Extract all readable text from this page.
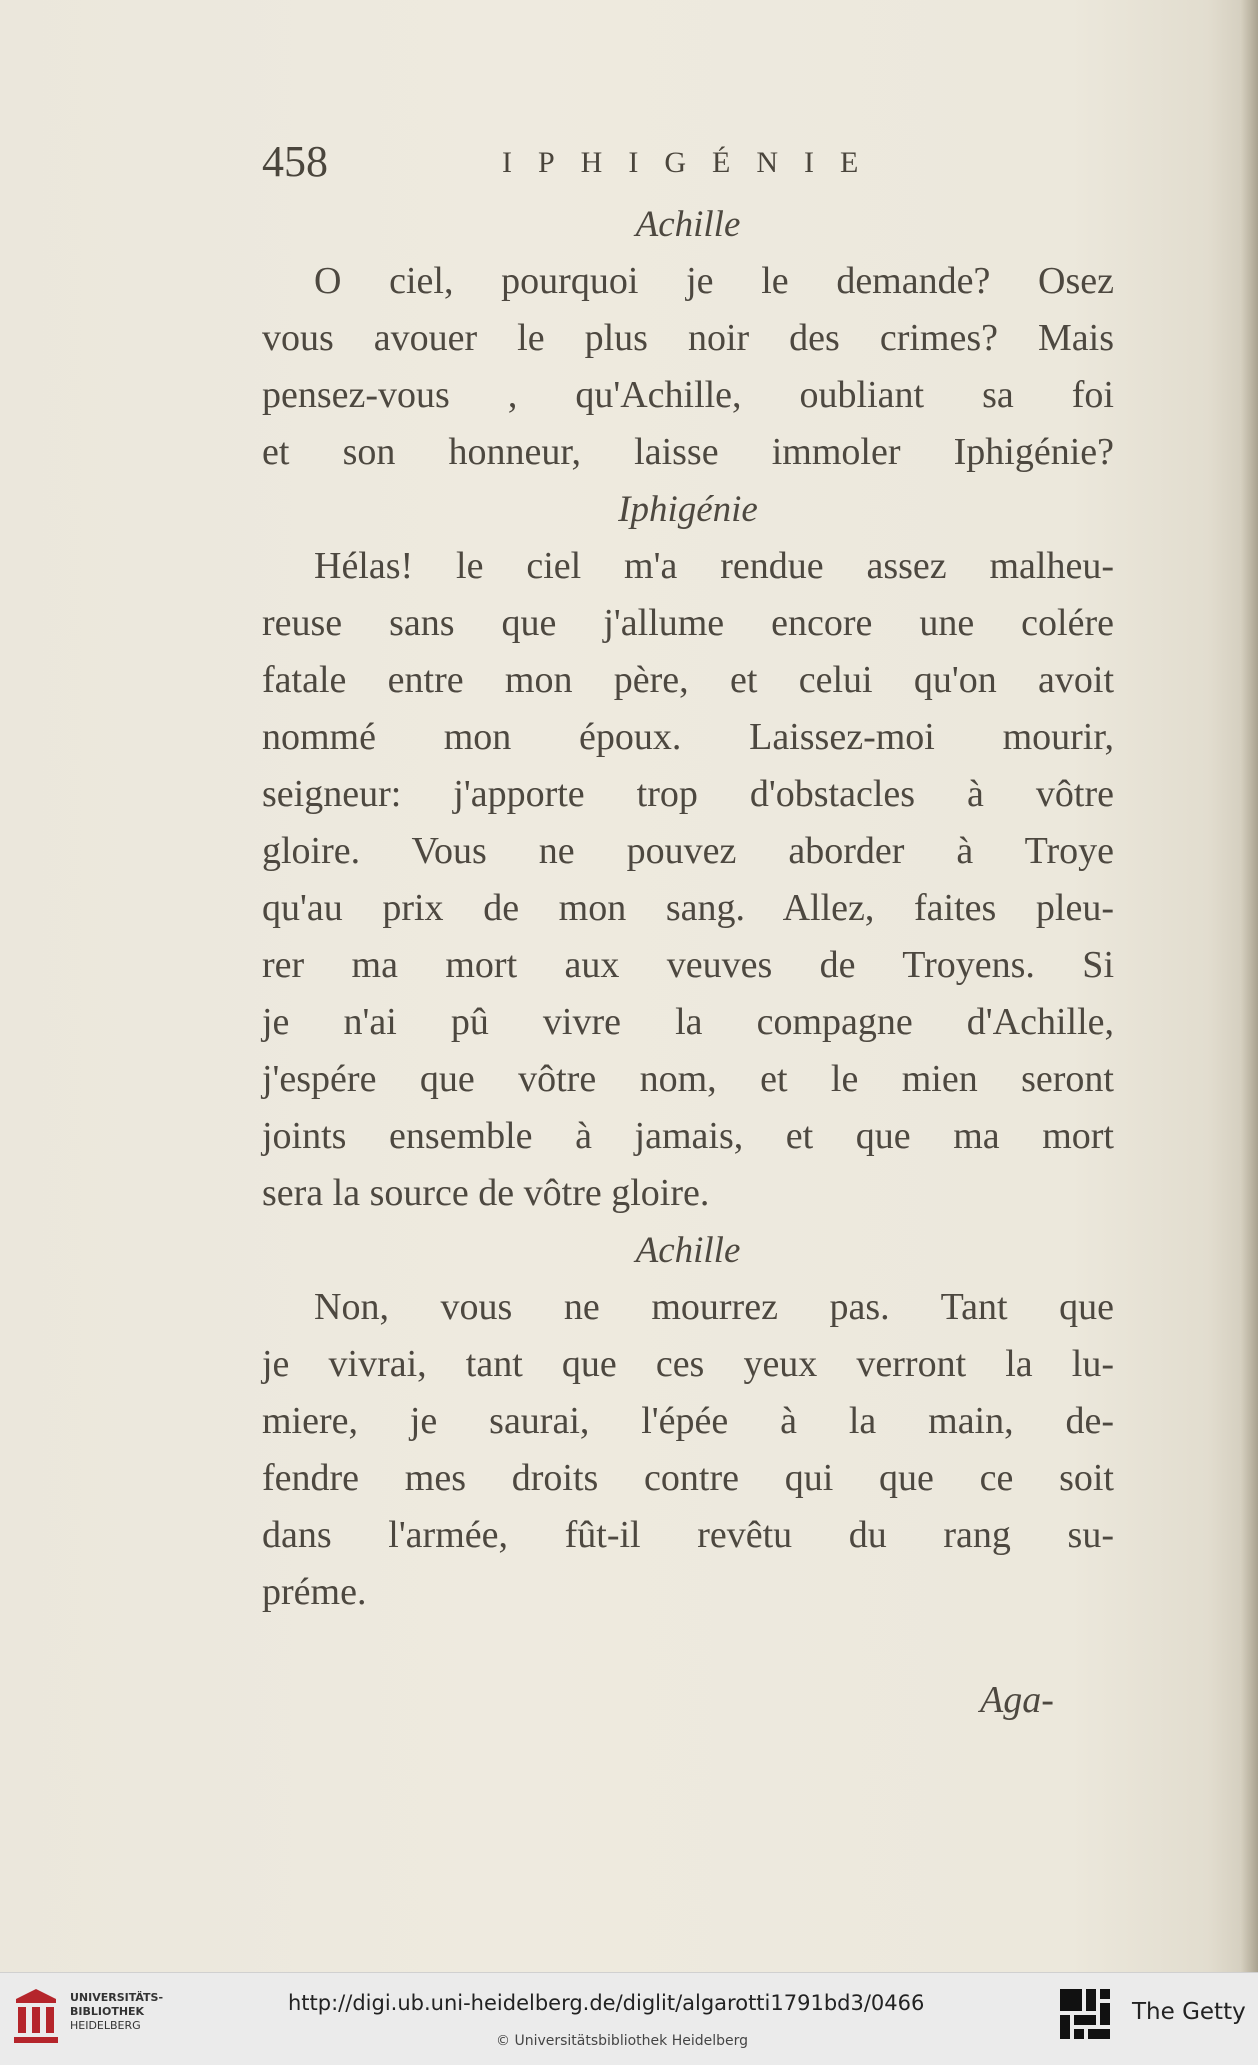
458	IPHIGÉNIE
Achille

O ciel, pourquoi je le demande? Osez

vous avouer le plus noir des crimes? Mais

pensez-vous , qu'Achille, oubliant sa foi

et son honneur, laisse immoler Iphigénie?

Iphigénie

Hélas! le ciel m'a rendue assez malheu-

reuse sans que j'allume encore une colére

fatale entre mon père, et celui qu'on avoit

nommé mon époux. Laissez-moi mourir,

seigneur: j'apporte trop d'obstacles à vôtre

gloire. Vous ne pouvez aborder à Troye

qu'au prix de mon sang. Allez, faites pleu-

rer ma mort aux veuves de Troyens. Si

je n'ai pû vivre la compagne d'Achille,

j'espére que vôtre nom, et le mien seront

joints ensemble à jamais, et que ma mort

sera la source de vôtre gloire.

Achille

Non, vous ne mourrez pas. Tant que

je vivrai, tant que ces yeux verront la lu-

miere, je saurai, l'épée à la main, de-

fendre mes droits contre qui que ce soit

dans l'armée, fût-il revêtu du rang su-

préme.

Aga-
UNIVERSITÄTS-
BIBLIOTHEK
HEIDELBERG
http://digi.ub.uni-heidelberg.de/diglit/algarotti1791bd3/0466
© Universitätsbibliothek Heidelberg
The Getty
